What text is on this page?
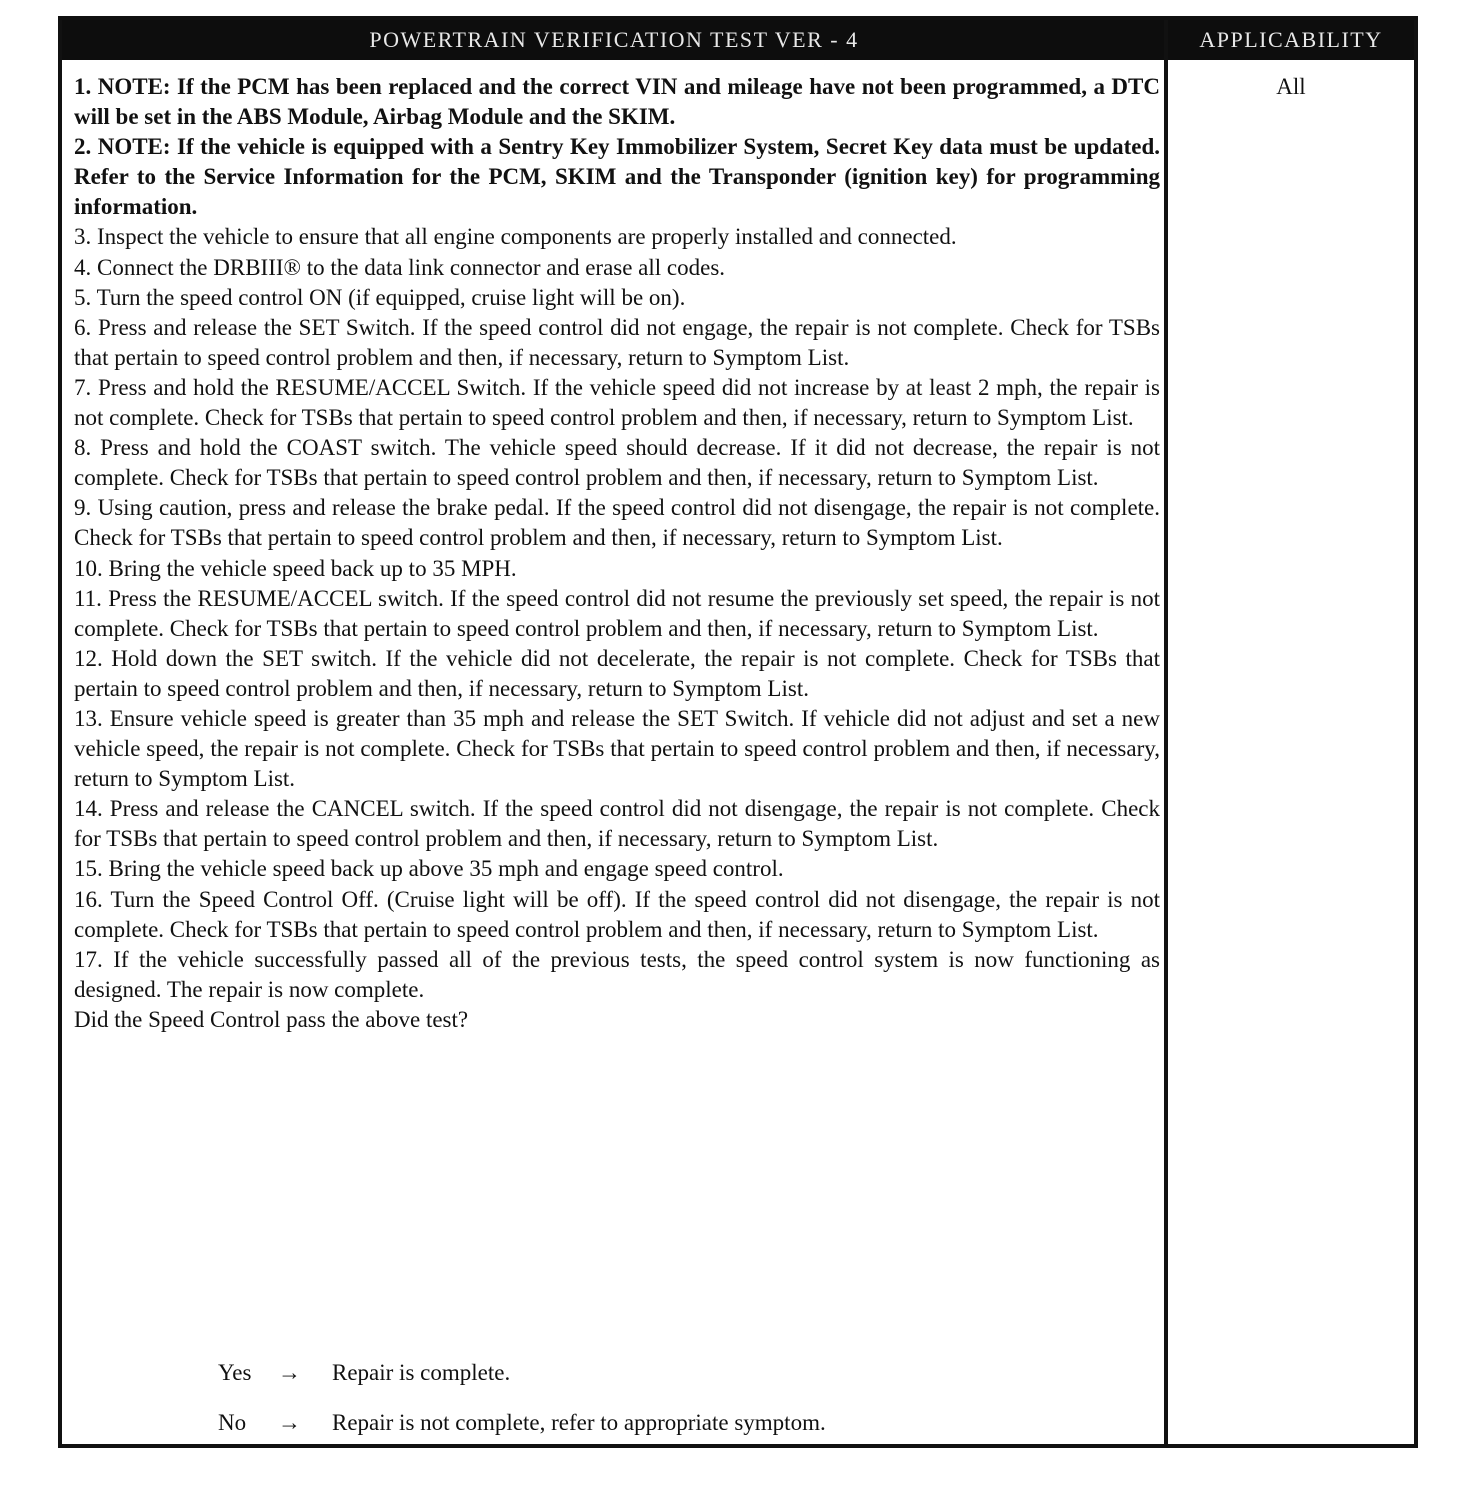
POWERTRAIN VERIFICATION TEST VER - 4	APPLICABILITY

1. NOTE: If the PCM has been replaced and the correct VIN and mileage have not been programmed, a DTC will be set in the ABS Module, Airbag Module and the SKIM.

2. NOTE: If the vehicle is equipped with a Sentry Key Immobilizer System, Secret Key data must be updated. Refer to the Service Information for the PCM, SKIM and the Transponder (ignition key) for programming information.

3. Inspect the vehicle to ensure that all engine components are properly installed and connected.

4. Connect the DRBIII® to the data link connector and erase all codes.

5. Turn the speed control ON (if equipped, cruise light will be on).

6. Press and release the SET Switch. If the speed control did not engage, the repair is not complete. Check for TSBs that pertain to speed control problem and then, if necessary, return to Symptom List.

7. Press and hold the RESUME/ACCEL Switch. If the vehicle speed did not increase by at least 2 mph, the repair is not complete. Check for TSBs that pertain to speed control problem and then, if necessary, return to Symptom List.

8. Press and hold the COAST switch. The vehicle speed should decrease. If it did not decrease, the repair is not complete. Check for TSBs that pertain to speed control problem and then, if necessary, return to Symptom List.

9. Using caution, press and release the brake pedal. If the speed control did not disengage, the repair is not complete. Check for TSBs that pertain to speed control problem and then, if necessary, return to Symptom List.

10. Bring the vehicle speed back up to 35 MPH.

11. Press the RESUME/ACCEL switch. If the speed control did not resume the previously set speed, the repair is not complete. Check for TSBs that pertain to speed control problem and then, if necessary, return to Symptom List.

12. Hold down the SET switch. If the vehicle did not decelerate, the repair is not complete. Check for TSBs that pertain to speed control problem and then, if necessary, return to Symptom List.

13. Ensure vehicle speed is greater than 35 mph and release the SET Switch. If vehicle did not adjust and set a new vehicle speed, the repair is not complete. Check for TSBs that pertain to speed control problem and then, if necessary, return to Symptom List.

14. Press and release the CANCEL switch. If the speed control did not disengage, the repair is not complete. Check for TSBs that pertain to speed control problem and then, if necessary, return to Symptom List.

15. Bring the vehicle speed back up above 35 mph and engage speed control.

16. Turn the Speed Control Off. (Cruise light will be off). If the speed control did not disengage, the repair is not complete. Check for TSBs that pertain to speed control problem and then, if necessary, return to Symptom List.

17. If the vehicle successfully passed all of the previous tests, the speed control system is now functioning as designed. The repair is now complete.

Did the Speed Control pass the above test?

Yes → Repair is complete.
No → Repair is not complete, refer to appropriate symptom.
All
